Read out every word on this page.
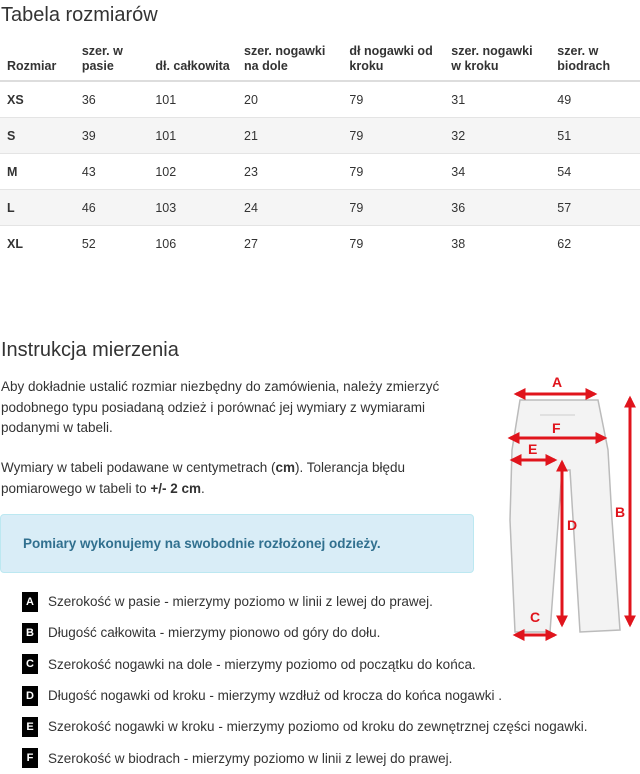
Tabela rozmiarów
Rozmiar	szer. w pasie	dł. całkowita	szer. nogawki na dole	dł nogawki od kroku	szer. nogawki w kroku	szer. w biodrach
XS	36	101	20	79	31	49
S	39	101	21	79	32	51
M	43	102	23	79	34	54
L	46	103	24	79	36	57
XL	52	106	27	79	38	62
Instrukcja mierzenia

Aby dokładnie ustalić rozmiar niezbędny do zamówienia, należy zmierzyć podobnego typu posiadaną odzież i porównać jej wymiary z wymiarami podanymi w tabeli.

Wymiary w tabeli podawane w centymetrach (cm). Tolerancja błędu pomiarowego w tabeli to +/- 2 cm.

Pomiary wykonujemy na swobodnie rozłożonej odzieży.
A Szerokość w pasie - mierzymy poziomo w linii z lewej do prawej.
B Długość całkowita - mierzymy pionowo od góry do dołu.
C Szerokość nogawki na dole - mierzymy poziomo od początku do końca.
D Długość nogawki od kroku - mierzymy wzdłuż od krocza do końca nogawki .
E	Szerokość nogawki w kroku - mierzymy poziomo od kroku do zewnętrznej części nogawki.
F	Szerokość w biodrach - mierzymy poziomo w linii z lewej do prawej.
A
B
C
D
E
F
